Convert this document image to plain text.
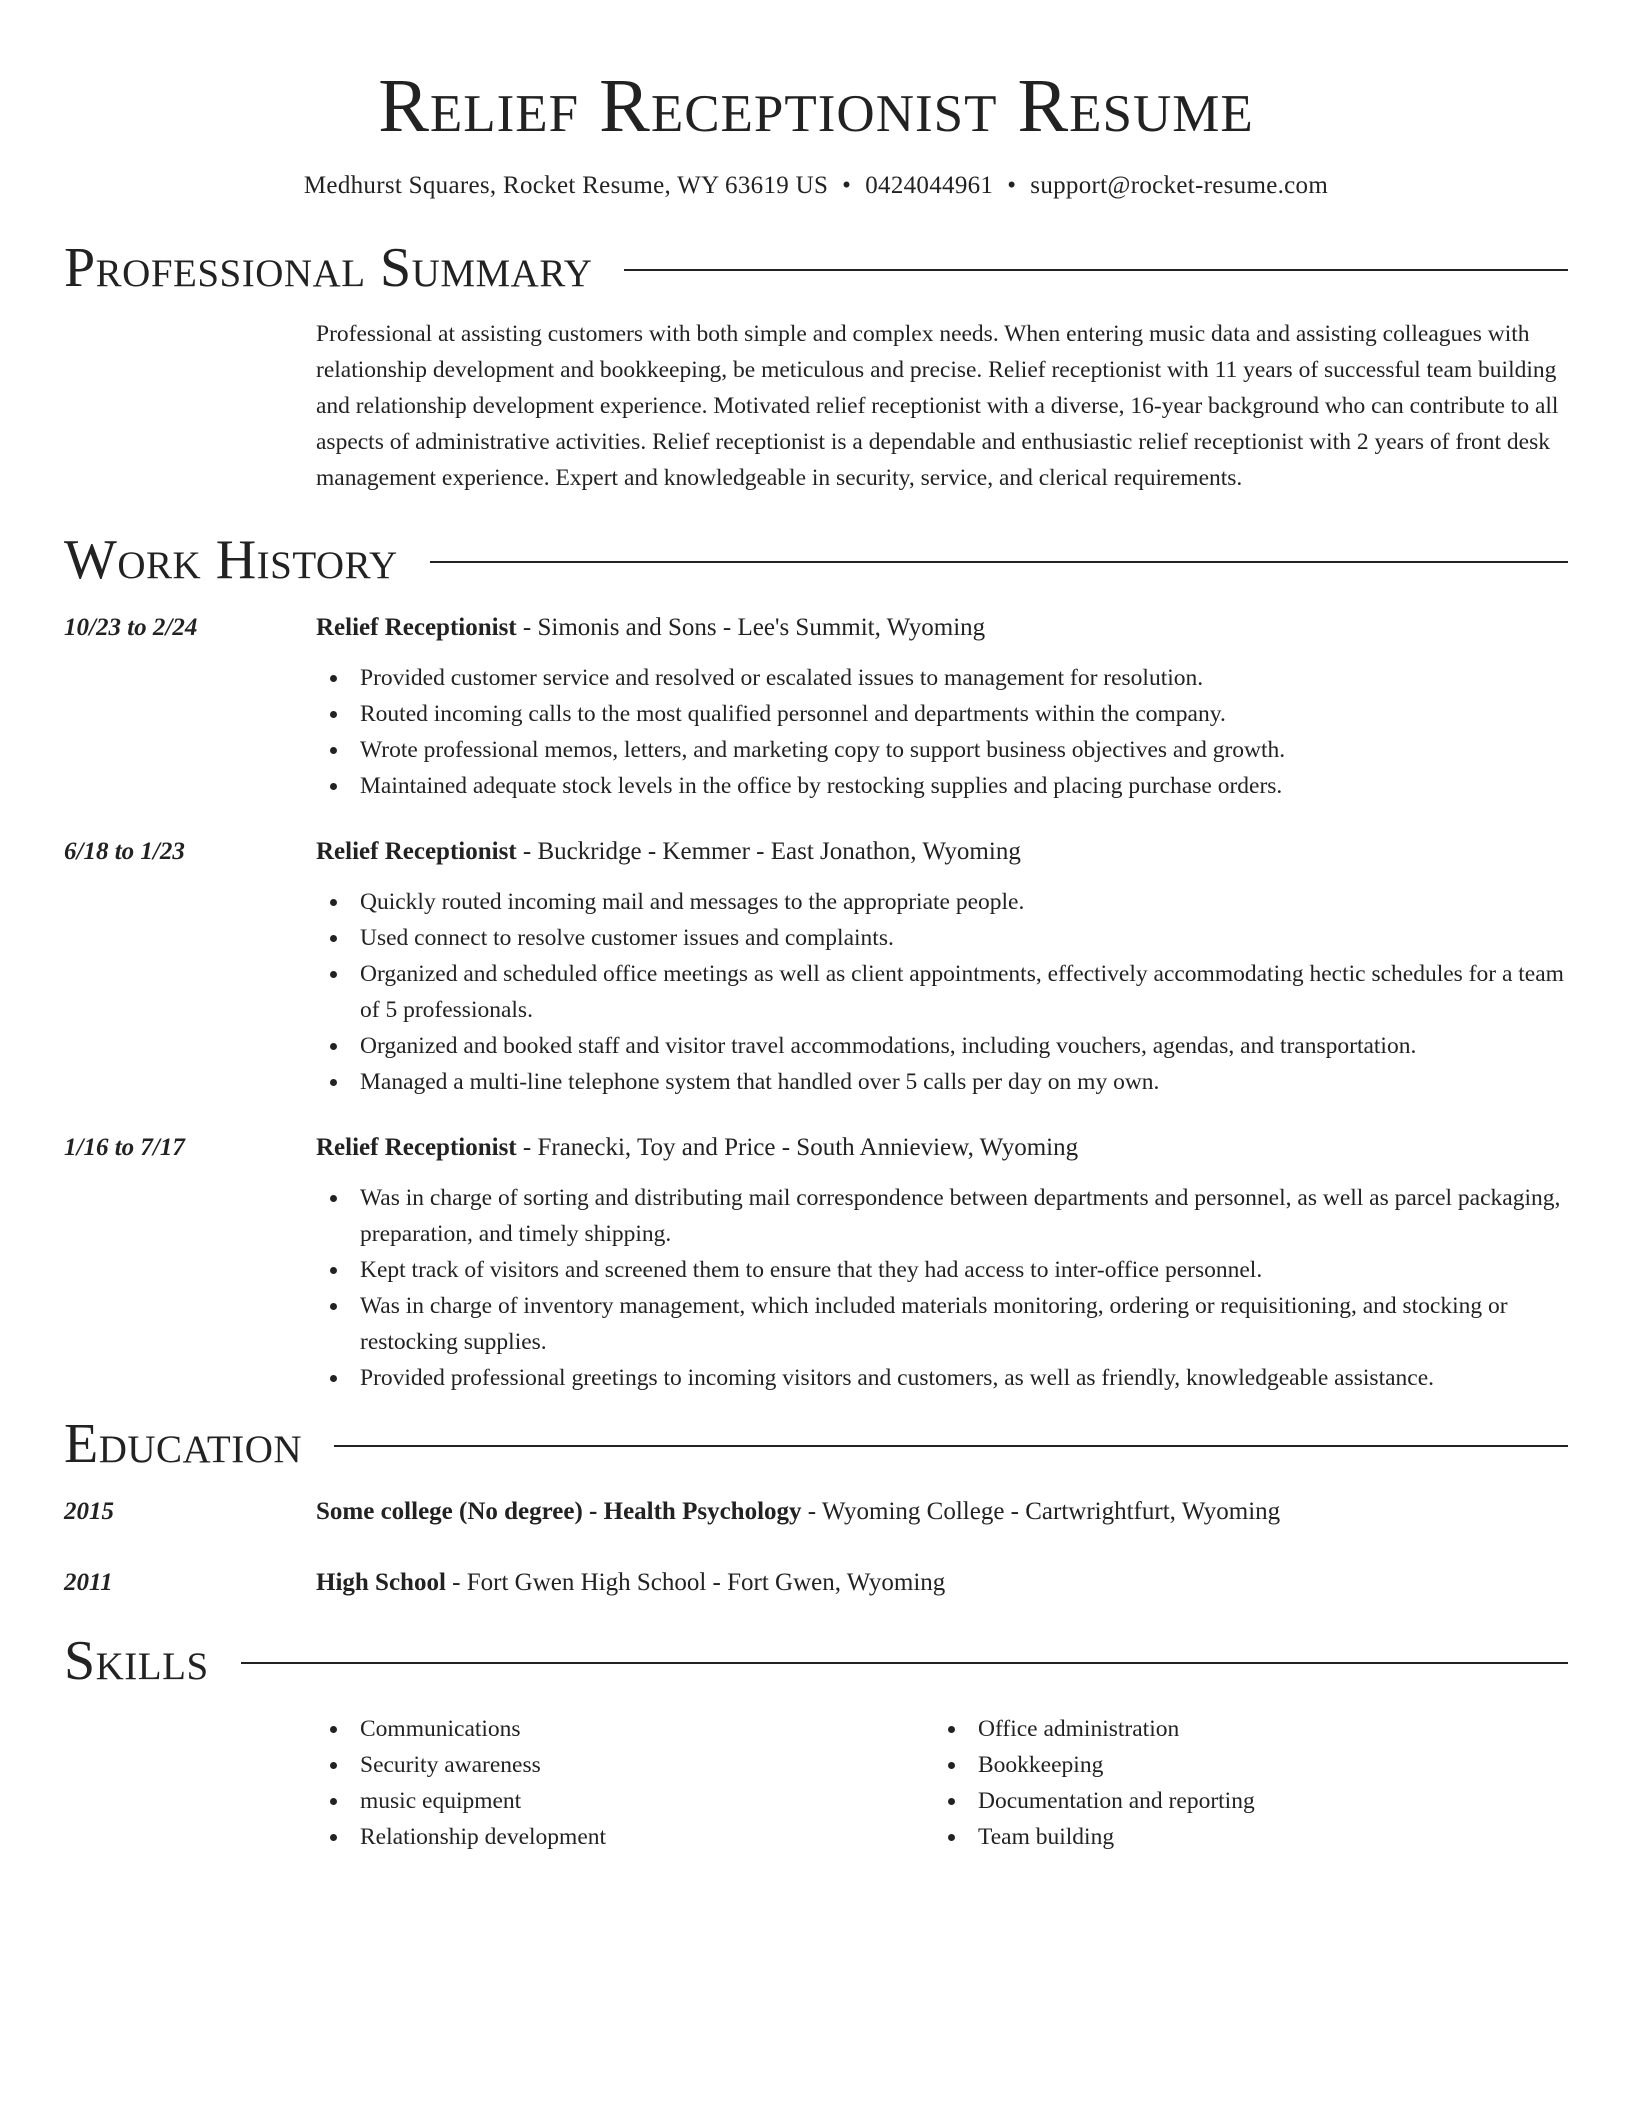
Relief Receptionist Resume
Medhurst Squares, Rocket Resume, WY 63619 US • 0424044961 • support@rocket-resume.com
Professional Summary

Professional at assisting customers with both simple and complex needs. When entering music data and assisting colleagues with relationship development and bookkeeping, be meticulous and precise. Relief receptionist with 11 years of successful team building and relationship development experience. Motivated relief receptionist with a diverse, 16-year background who can contribute to all aspects of administrative activities. Relief receptionist is a dependable and enthusiastic relief receptionist with 2 years of front desk management experience. Expert and knowledgeable in security, service, and clerical requirements.

Work History
10/23 to 2/24	Relief Receptionist - Simonis and Sons - Lee's Summit, Wyoming
Provided customer service and resolved or escalated issues to management for resolution.
Routed incoming calls to the most qualified personnel and departments within the company.
Wrote professional memos, letters, and marketing copy to support business objectives and growth.
Maintained adequate stock levels in the office by restocking supplies and placing purchase orders.
6/18 to 1/23	Relief Receptionist - Buckridge - Kemmer - East Jonathon, Wyoming
Quickly routed incoming mail and messages to the appropriate people.
Used connect to resolve customer issues and complaints.
Organized and scheduled office meetings as well as client appointments, effectively accommodating hectic schedules for a team of 5 professionals.
Organized and booked staff and visitor travel accommodations, including vouchers, agendas, and transportation.
Managed a multi-line telephone system that handled over 5 calls per day on my own.
1/16 to 7/17	Relief Receptionist - Franecki, Toy and Price - South Annieview, Wyoming
Was in charge of sorting and distributing mail correspondence between departments and personnel, as well as parcel packaging, preparation, and timely shipping.
Kept track of visitors and screened them to ensure that they had access to inter-office personnel.
Was in charge of inventory management, which included materials monitoring, ordering or requisitioning, and stocking or restocking supplies.
Provided professional greetings to incoming visitors and customers, as well as friendly, knowledgeable assistance.
Education
2015	Some college (No degree) - Health Psychology - Wyoming College - Cartwrightfurt, Wyoming
2011	High School - Fort Gwen High School - Fort Gwen, Wyoming
Skills
Communications
Security awareness
music equipment
Relationship development
Office administration
Bookkeeping
Documentation and reporting
Team building
